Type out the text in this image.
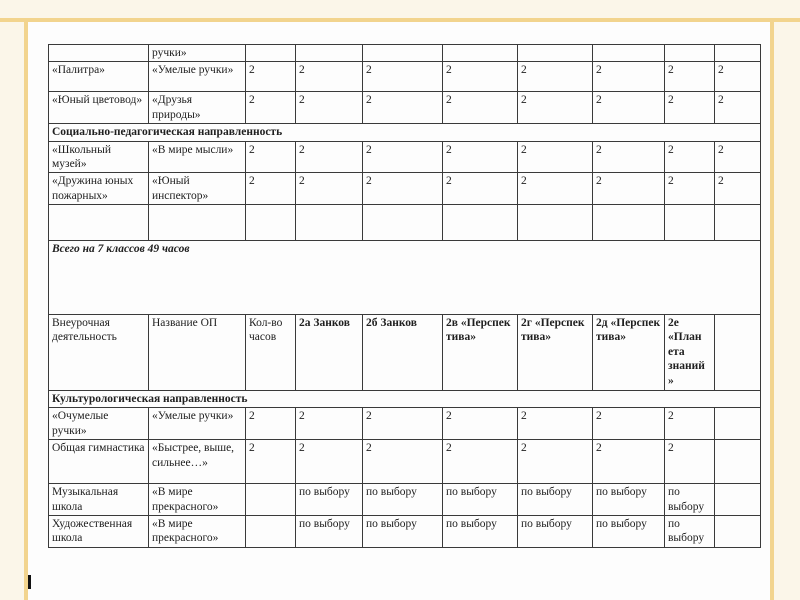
	ручки»								
«Палитра»	«Умелые ручки»	2	2	2	2	2	2	2	2
«Юный цветовод»	«Друзья природы»	2	2	2	2	2	2	2	2
Социально-педагогическая направленность									
«Школьный музей»	«В мире мысли»	2	2	2	2	2	2	2	2
«Дружина юных пожарных»	«Юный инспектор»	2	2	2	2	2	2	2	2

Всего на 7 классов 49 часов									
Внеурочная деятельность	Название ОП	Кол-во часов	2а Занков	2б Занков	2в «Перспек тива»	2г «Перспек тива»	2д «Перспек тива»	2е «План ета знаний »	
Культурологическая направленность									
«Очумелые ручки»	«Умелые ручки»	2	2	2	2	2	2	2	
Общая гимнастика	«Быстрее, выше, сильнее…»	2	2	2	2	2	2	2	
Музыкальная школа	«В мире прекрасного»		по выбору	по выбору	по выбору	по выбору	по выбору	по выбору	
Художественная школа	«В мире прекрасного»		по выбору	по выбору	по выбору	по выбору	по выбору	по выбору	
